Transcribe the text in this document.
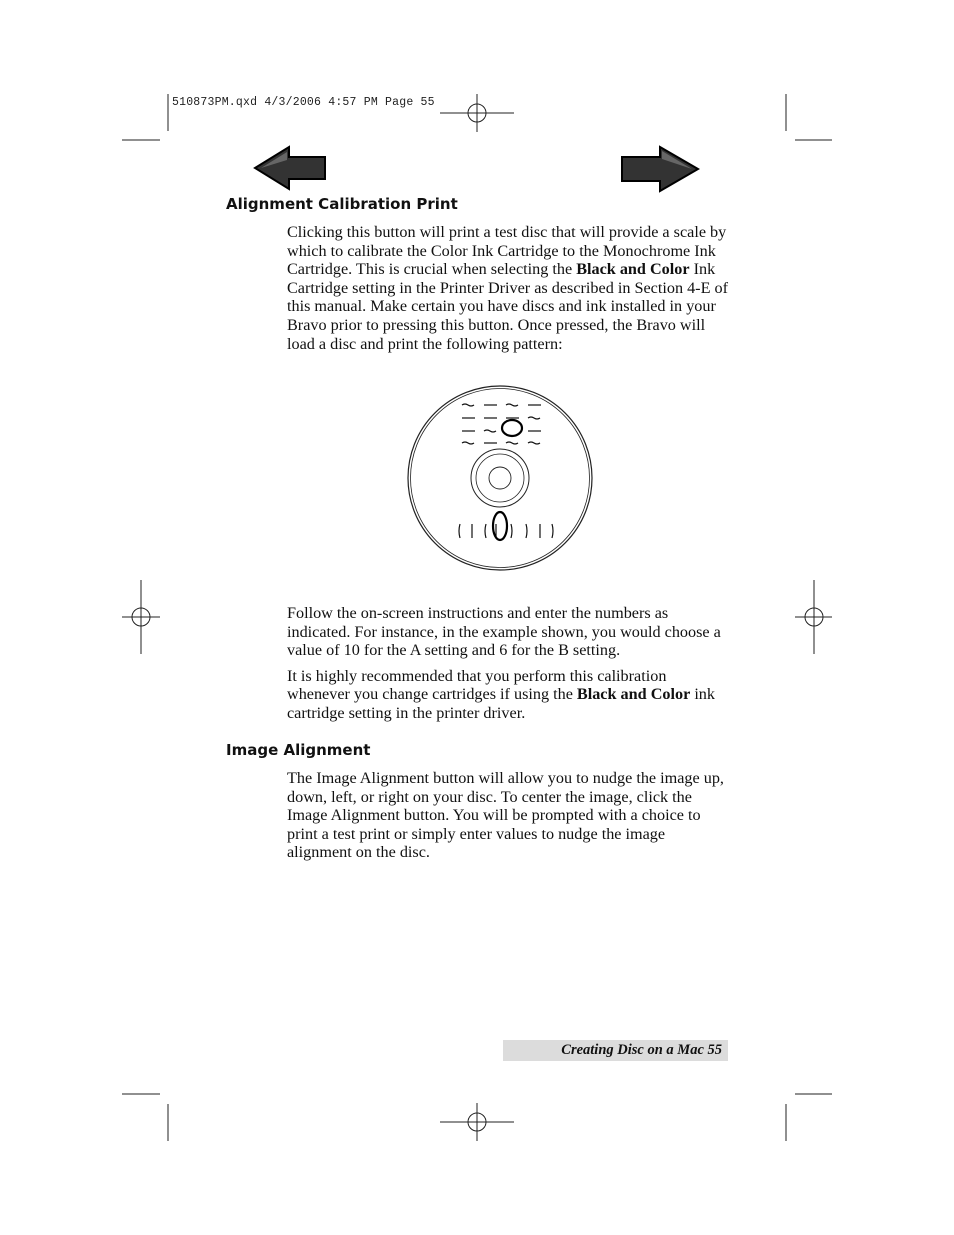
510873PM.qxd 4/3/2006 4:57 PM Page 55
Alignment Calibration Print

Clicking this button will print a test disc that will provide a scale by which to calibrate the Color Ink Cartridge to the Monochrome Ink Cartridge. This is crucial when selecting the Black and Color Ink Cartridge setting in the Printer Driver as described in Section 4-E of this manual. Make certain you have discs and ink installed in your Bravo prior to pressing this button. Once pressed, the Bravo will load a disc and print the following pattern:

Follow the on-screen instructions and enter the numbers as indicated. For instance, in the example shown, you would choose a value of 10 for the A setting and 6 for the B setting.

It is highly recommended that you perform this calibration whenever you change cartridges if using the Black and Color ink cartridge setting in the printer driver.

Image Alignment

The Image Alignment button will allow you to nudge the image up, down, left, or right on your disc. To center the image, click the Image Alignment button. You will be prompted with a choice to print a test print or simply enter values to nudge the image alignment on the disc.

Creating Disc on a Mac 55
